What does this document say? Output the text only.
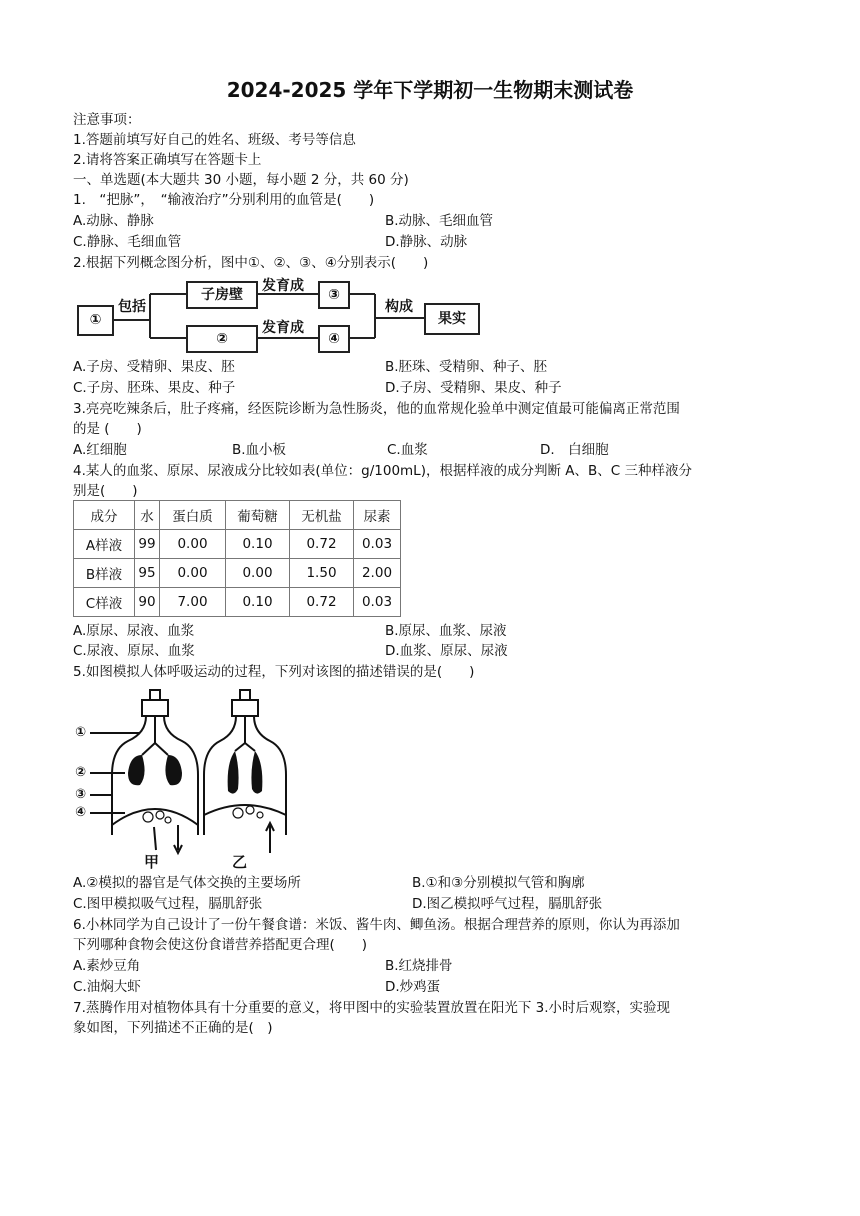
2024-2025 学年下学期初一生物期末测试卷
注意事项：
1.答题前填写好自己的姓名、班级、考号等信息
2.请将答案正确填写在答题卡上
一、单选题(本大题共 30 小题，每小题 2 分，共 60 分)
1.　“把脉”，　“输液治疗”分别利用的血管是(　　)
A.动脉、静脉	B.动脉、毛细血管
C.静脉、毛细血管	D.静脉、动脉
2.根据下列概念图分析，图中①、②、③、④分别表示(　　)
①
子房壁
②
③
④
果实
包括
发育成
发育成
构成
A.子房、受精卵、果皮、胚	B.胚珠、受精卵、种子、胚
C.子房、胚珠、果皮、种子	D.子房、受精卵、果皮、种子
3.亮亮吃辣条后，肚子疼痛，经医院诊断为急性肠炎，他的血常规化验单中测定值最可能偏离正常范围
的是 (　　)
A.红细胞	B.血小板	C.血浆	D.　白细胞
4.某人的血浆、原尿、尿液成分比较如表(单位：g/100mL)，根据样液的成分判断 A、B、C 三种样液分
别是(　　)
成分	水	蛋白质	葡萄糖	无机盐	尿素
A样液	99	0.00	0.10	0.72	0.03
B样液	95	0.00	0.00	1.50	2.00
C样液	90	7.00	0.10	0.72	0.03
A.原尿、尿液、血浆	B.原尿、血浆、尿液
C.尿液、原尿、血浆	D.血浆、原尿、尿液
5.如图模拟人体呼吸运动的过程，下列对该图的描述错误的是(　　)
①
②
③
④
甲	乙
A.②模拟的器官是气体交换的主要场所	B.①和③分别模拟气管和胸廓
C.图甲模拟吸气过程，膈肌舒张	D.图乙模拟呼气过程，膈肌舒张
6.小林同学为自己设计了一份午餐食谱：米饭、酱牛肉、鲫鱼汤。根据合理营养的原则，你认为再添加
下列哪种食物会使这份食谱营养搭配更合理(　　)
A.素炒豆角	B.红烧排骨
C.油焖大虾	D.炒鸡蛋
7.蒸腾作用对植物体具有十分重要的意义，将甲图中的实验装置放置在阳光下 3.小时后观察，实验现
象如图，下列描述不正确的是(　)
